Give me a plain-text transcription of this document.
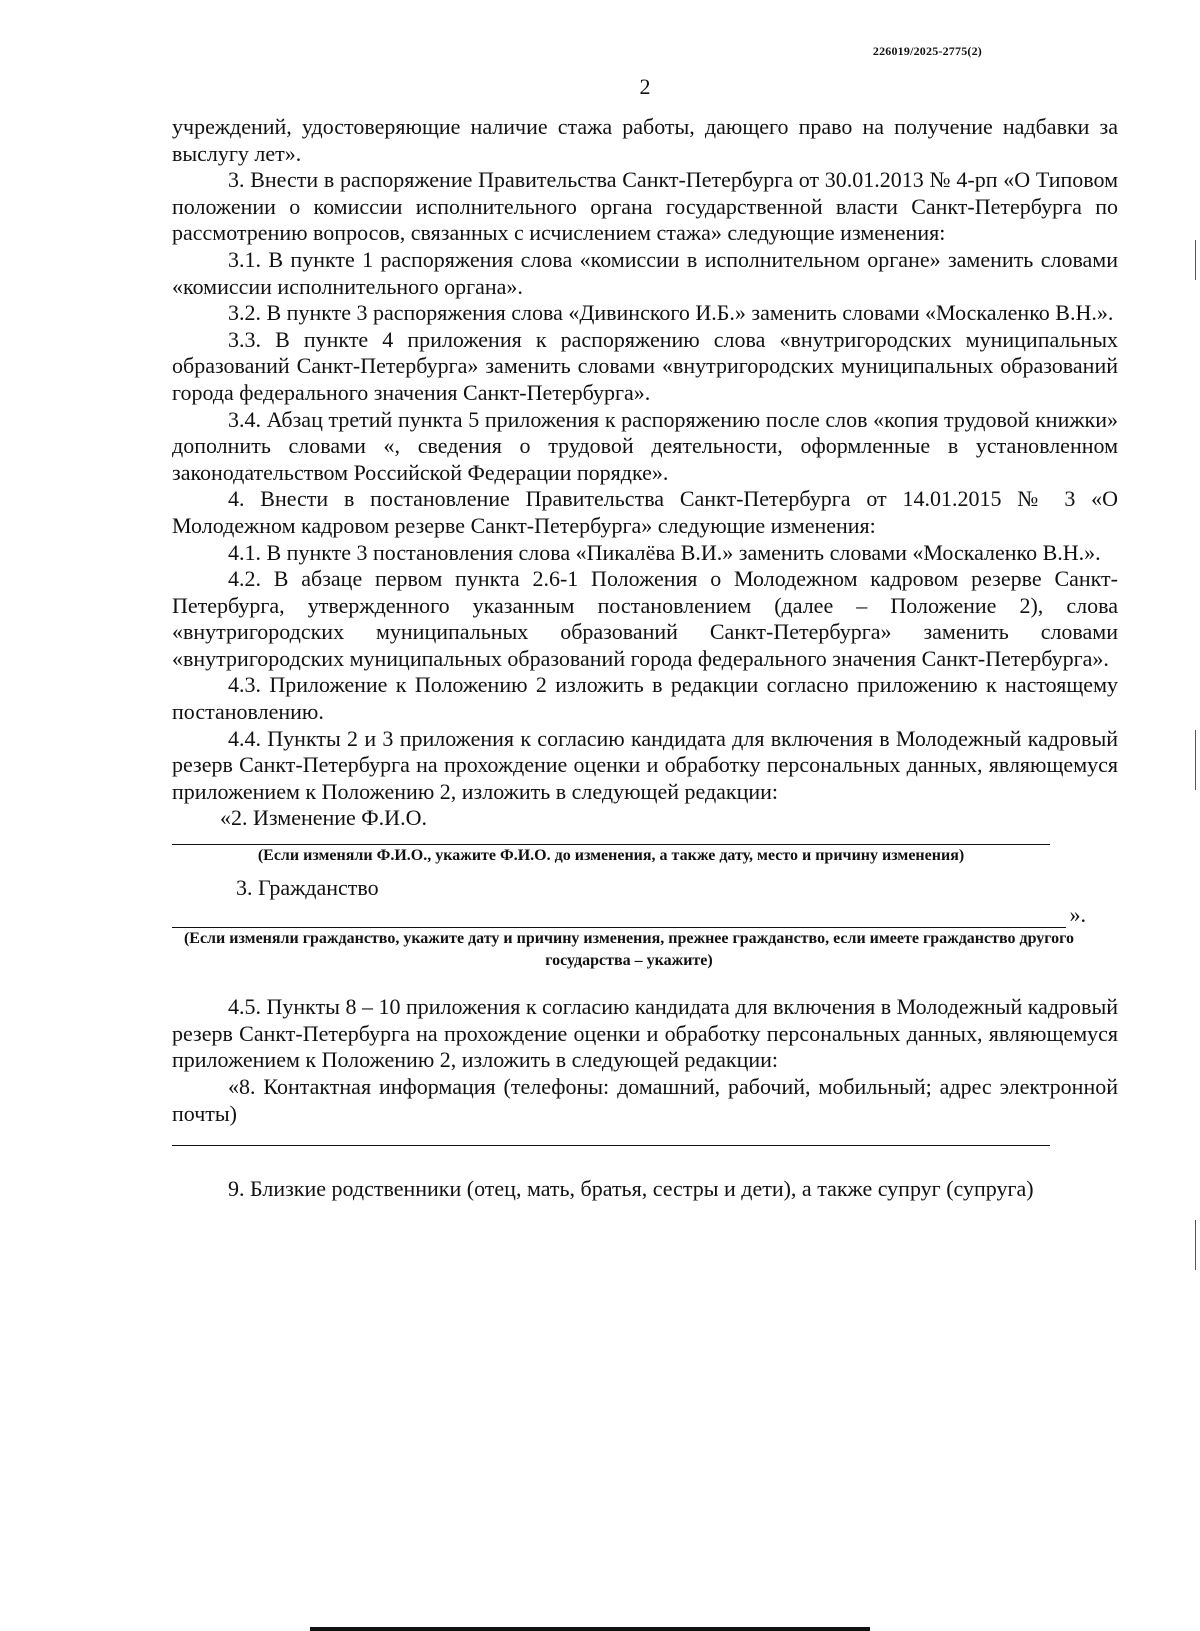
226019/2025-2775(2)
2

учреждений, удостоверяющие наличие стажа работы, дающего право на получение надбавки за выслугу лет».

3. Внести в распоряжение Правительства Санкт-Петербурга от 30.01.2013 № 4-рп «О Типовом положении о комиссии исполнительного органа государственной власти Санкт-Петербурга по рассмотрению вопросов, связанных с исчислением стажа» следующие изменения:

3.1. В пункте 1 распоряжения слова «комиссии в исполнительном органе» заменить словами «комиссии исполнительного органа».

3.2. В пункте 3 распоряжения слова «Дивинского И.Б.» заменить словами «Москаленко В.Н.».

3.3. В пункте 4 приложения к распоряжению слова «внутригородских муниципальных образований Санкт-Петербурга» заменить словами «внутригородских муниципальных образований города федерального значения Санкт-Петербурга».

3.4. Абзац третий пункта 5 приложения к распоряжению после слов «копия трудовой книжки» дополнить словами «, сведения о трудовой деятельности, оформленные в установленном законодательством Российской Федерации порядке».

4. Внести в постановление Правительства Санкт-Петербурга от 14.01.2015 № 3 «О Молодежном кадровом резерве Санкт-Петербурга» следующие изменения:

4.1. В пункте 3 постановления слова «Пикалёва В.И.» заменить словами «Москаленко В.Н.».

4.2. В абзаце первом пункта 2.6-1 Положения о Молодежном кадровом резерве Санкт-Петербурга, утвержденного указанным постановлением (далее – Положение 2), слова «внутригородских муниципальных образований Санкт-Петербурга» заменить словами «внутригородских муниципальных образований города федерального значения Санкт-Петербурга».

4.3. Приложение к Положению 2 изложить в редакции согласно приложению к настоящему постановлению.

4.4. Пункты 2 и 3 приложения к согласию кандидата для включения в Молодежный кадровый резерв Санкт-Петербурга на прохождение оценки и обработку персональных данных, являющемуся приложением к Положению 2, изложить в следующей редакции:

«2. Изменение Ф.И.О.

(Если изменяли Ф.И.О., укажите Ф.И.О. до изменения, а также дату, место и причину изменения)

3. Гражданство

».
(Если изменяли гражданство, укажите дату и причину изменения, прежнее гражданство, если имеете гражданство другого государства – укажите)

4.5. Пункты 8 – 10 приложения к согласию кандидата для включения в Молодежный кадровый резерв Санкт-Петербурга на прохождение оценки и обработку персональных данных, являющемуся приложением к Положению 2, изложить в следующей редакции:

«8. Контактная информация (телефоны: домашний, рабочий, мобильный; адрес электронной почты)

9. Близкие родственники (отец, мать, братья, сестры и дети), а также супруг (супруга)
